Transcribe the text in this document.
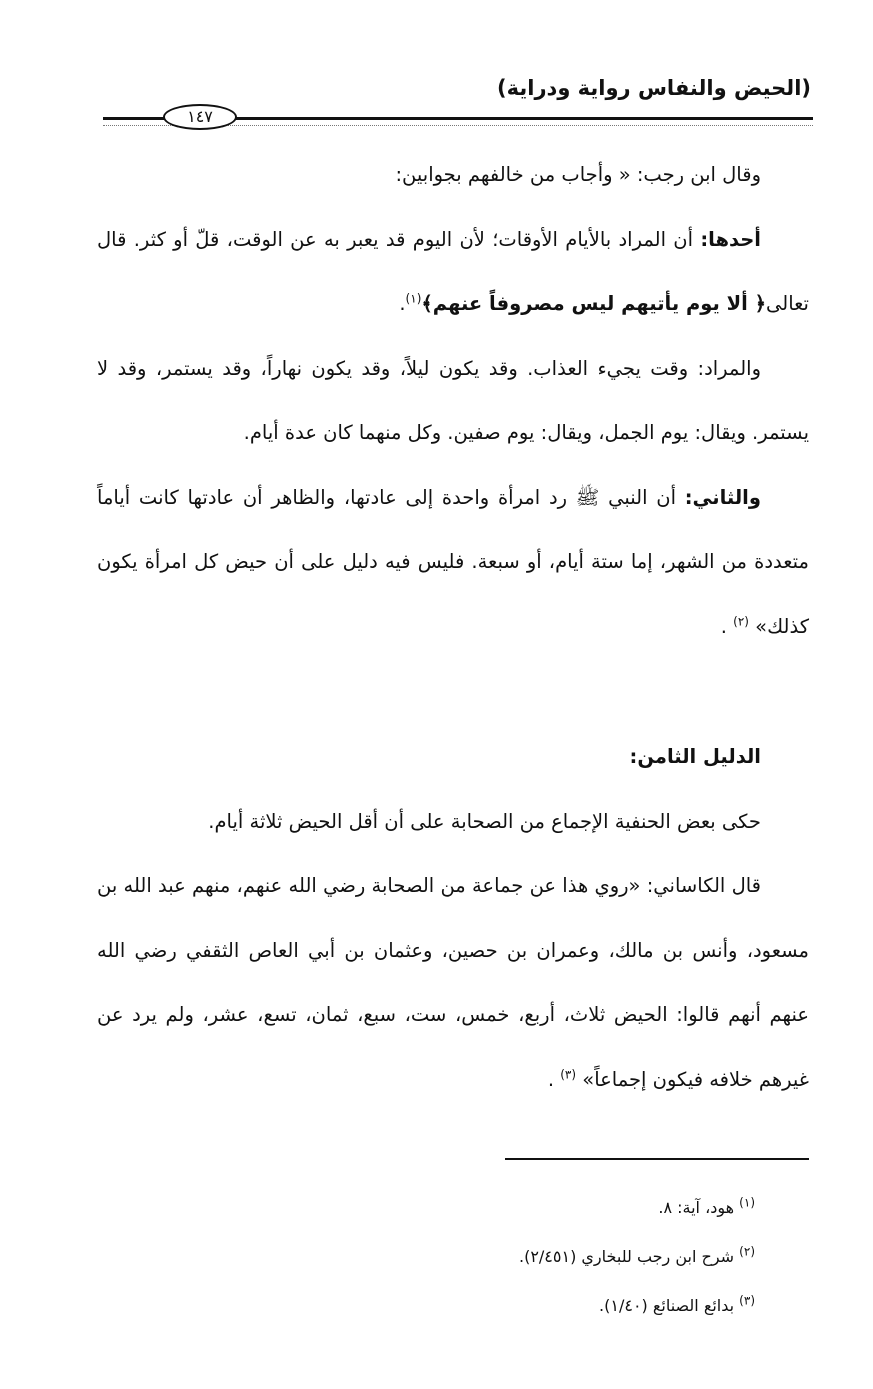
(الحيض والنفاس رواية ودراية)
١٤٧

وقال ابن رجب: « وأجاب من خالفهم بجوابين:

أحدها: أن المراد بالأيام الأوقات؛ لأن اليوم قد يعبر به عن الوقت، قلّ أو كثر. قال تعالى﴿ ألا يوم يأتيهم ليس مصروفاً عنهم﴾$^{(١)}$.

والمراد: وقت يجيء العذاب. وقد يكون ليلاً، وقد يكون نهاراً، وقد يستمر، وقد لا يستمر. ويقال: يوم الجمل، ويقال: يوم صفين. وكل منهما كان عدة أيام.

والثاني: أن النبي ﷺ رد امرأة واحدة إلى عادتها، والظاهر أن عادتها كانت أياماً متعددة من الشهر، إما ستة أيام، أو سبعة. فليس فيه دليل على أن حيض كل امرأة يكون كذلك» $^{(٢)}$ .

الدليل الثامن:

حكى بعض الحنفية الإجماع من الصحابة على أن أقل الحيض ثلاثة أيام.

قال الكاساني: «روي هذا عن جماعة من الصحابة رضي الله عنهم، منهم عبد الله بن مسعود، وأنس بن مالك، وعمران بن حصين، وعثمان بن أبي العاص الثقفي رضي الله عنهم أنهم قالوا: الحيض ثلاث، أربع، خمس، ست، سبع، ثمان، تسع، عشر، ولم يرد عن غيرهم خلافه فيكون إجماعاً» $^{(٣)}$ .

$^{(١)}$ هود، آية: ٨.
$^{(٢)}$ شرح ابن رجب للبخاري (٢/٤٥١).
$^{(٣)}$ بدائع الصنائع (١/٤٠).
